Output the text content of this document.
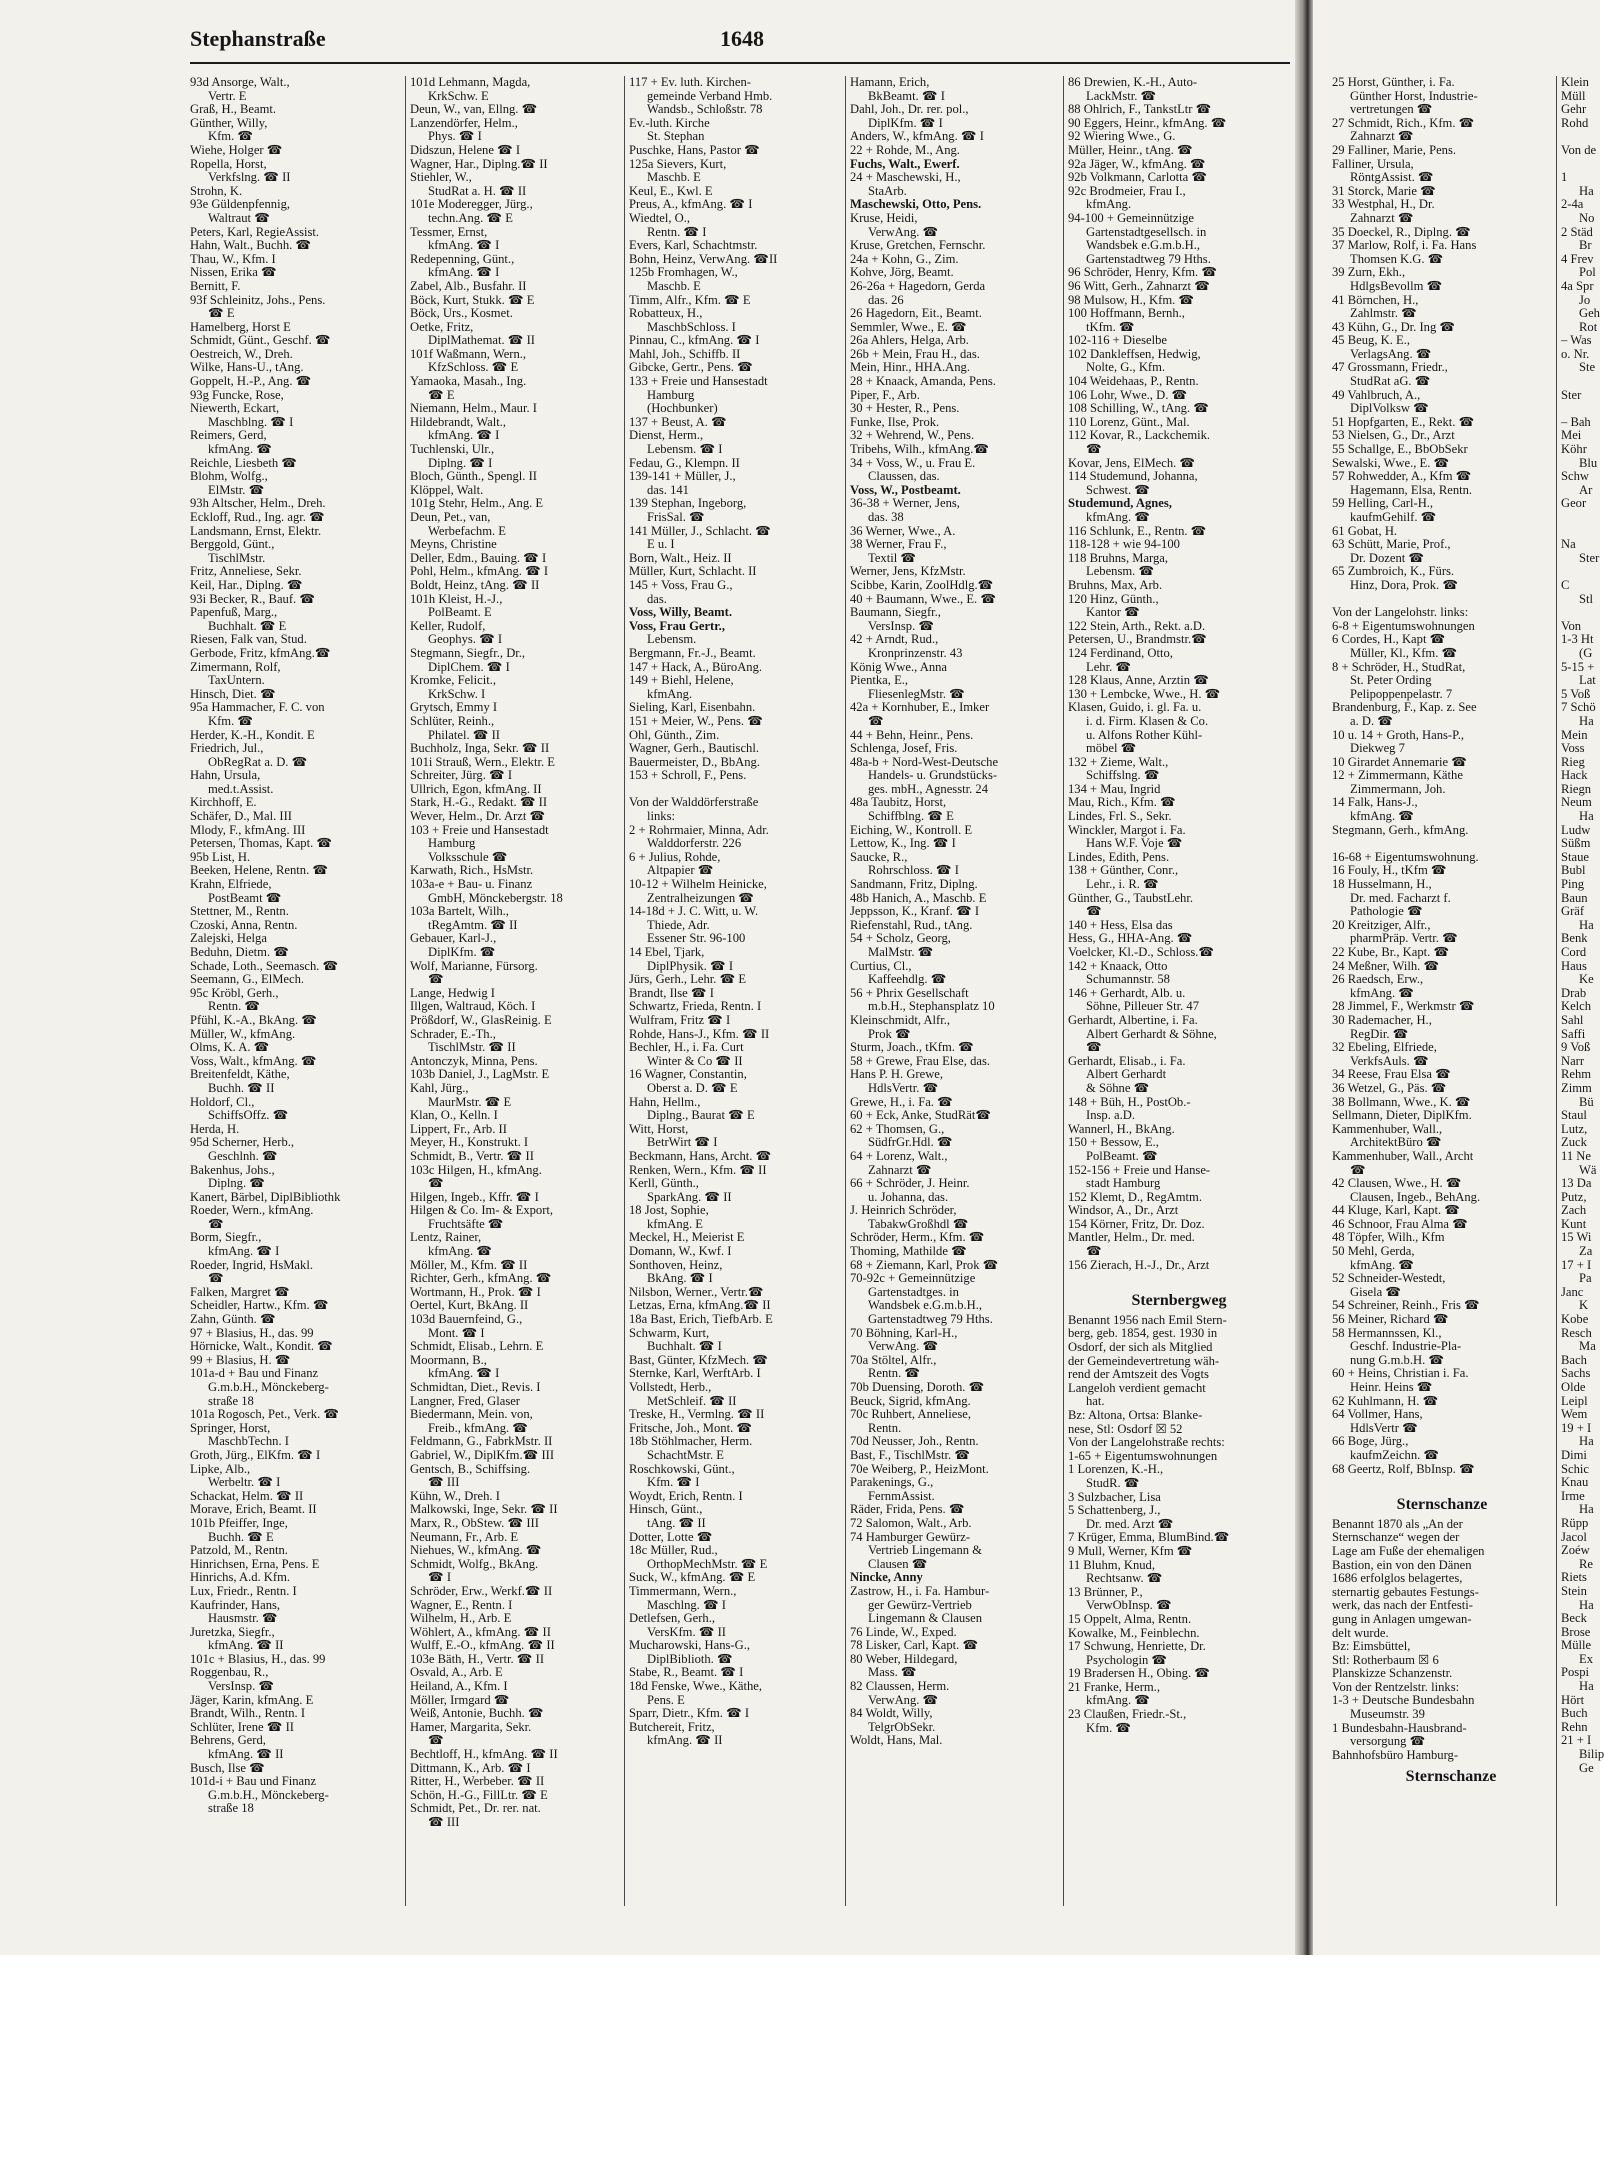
Stephanstraße	1648
93d Ansorge, Walt.,
Vertr. E
Graß, H., Beamt.
Günther, Willy,
Kfm. ☎
Wiehe, Holger ☎
Ropella, Horst,
Verkfslng. ☎ II
Strohn, K.
93e Güldenpfennig,
Waltraut ☎
Peters, Karl, RegieAssist.
Hahn, Walt., Buchh. ☎
Thau, W., Kfm. I
Nissen, Erika ☎
Bernitt, F.
93f Schleinitz, Johs., Pens.
☎ E
Hamelberg, Horst E
Schmidt, Günt., Geschf. ☎
Oestreich, W., Dreh.
Wilke, Hans-U., tAng.
Goppelt, H.-P., Ang. ☎
93g Funcke, Rose,
Niewerth, Eckart,
Maschblng. ☎ I
Reimers, Gerd,
kfmAng. ☎
Reichle, Liesbeth ☎
Blohm, Wolfg.,
ElMstr. ☎
93h Altscher, Helm., Dreh.
Eckloff, Rud., Ing. agr. ☎
Landsmann, Ernst, Elektr.
Berggold, Günt.,
TischlMstr.
Fritz, Anneliese, Sekr.
Keil, Har., Diplng. ☎
93i Becker, R., Bauf. ☎
Papenfuß, Marg.,
Buchhalt. ☎ E
Riesen, Falk van, Stud.
Gerbode, Fritz, kfmAng.☎
Zimermann, Rolf,
TaxUntern.
Hinsch, Diet. ☎
95a Hammacher, F. C. von
Kfm. ☎
Herder, K.-H., Kondit. E
Friedrich, Jul.,
ObRegRat a. D. ☎
Hahn, Ursula,
med.t.Assist.
Kirchhoff, E.
Schäfer, D., Mal. III
Mlody, F., kfmAng. III
Petersen, Thomas, Kapt. ☎
95b List, H.
Beeken, Helene, Rentn. ☎
Krahn, Elfriede,
PostBeamt ☎
Stettner, M., Rentn.
Czoski, Anna, Rentn.
Zalejski, Helga
Beduhn, Dietm. ☎
Schade, Loth., Seemasch. ☎
Seemann, G., ElMech.
95c Kröbl, Gerh.,
Rentn. ☎
Pfühl, K.-A., BkAng. ☎
Müller, W., kfmAng.
Olms, K. A. ☎
Voss, Walt., kfmAng. ☎
Breitenfeldt, Käthe,
Buchh. ☎ II
Holdorf, Cl.,
SchiffsOffz. ☎
Herda, H.
95d Scherner, Herb.,
Geschlnh. ☎
Bakenhus, Johs.,
Diplng. ☎
Kanert, Bärbel, DiplBibliothk
Roeder, Wern., kfmAng.
☎
Borm, Siegfr.,
kfmAng. ☎ I
Roeder, Ingrid, HsMakl.
☎
Falken, Margret ☎
Scheidler, Hartw., Kfm. ☎
Zahn, Günth. ☎
97 + Blasius, H., das. 99
Hörnicke, Walt., Kondit. ☎
99 + Blasius, H. ☎
101a-d + Bau und Finanz
G.m.b.H., Mönckeberg-
straße 18
101a Rogosch, Pet., Verk. ☎
Springer, Horst,
MaschbTechn. I
Groth, Jürg., ElKfm. ☎ I
Lipke, Alb.,
Werbeltr. ☎ I
Schackat, Helm. ☎ II
Morave, Erich, Beamt. II
101b Pfeiffer, Inge,
Buchh. ☎ E
Patzold, M., Rentn.
Hinrichsen, Erna, Pens. E
Hinrichs, A.d. Kfm.
Lux, Friedr., Rentn. I
Kaufrinder, Hans,
Hausmstr. ☎
Juretzka, Siegfr.,
kfmAng. ☎ II
101c + Blasius, H., das. 99
Roggenbau, R.,
VersInsp. ☎
Jäger, Karin, kfmAng. E
Brandt, Wilh., Rentn. I
Schlüter, Irene ☎ II
Behrens, Gerd,
kfmAng. ☎ II
Busch, Ilse ☎
101d-i + Bau und Finanz
G.m.b.H., Mönckeberg-
straße 18
101d Lehmann, Magda,
KrkSchw. E
Deun, W., van, Ellng. ☎
Lanzendörfer, Helm.,
Phys. ☎ I
Didszun, Helene ☎ I
Wagner, Har., Diplng.☎ II
Stiehler, W.,
StudRat a. H. ☎ II
101e Moderegger, Jürg.,
techn.Ang. ☎ E
Tessmer, Ernst,
kfmAng. ☎ I
Redepenning, Günt.,
kfmAng. ☎ I
Zabel, Alb., Busfahr. II
Böck, Kurt, Stukk. ☎ E
Böck, Urs., Kosmet.
Oetke, Fritz,
DiplMathemat. ☎ II
101f Waßmann, Wern.,
KfzSchloss. ☎ E
Yamaoka, Masah., Ing.
☎ E
Niemann, Helm., Maur. I
Hildebrandt, Walt.,
kfmAng. ☎ I
Tuchlenski, Ulr.,
Diplng. ☎ I
Bloch, Günth., Spengl. II
Klöppel, Walt.
101g Stehr, Helm., Ang. E
Deun, Pet., van,
Werbefachm. E
Meyns, Christine
Deller, Edm., Bauing. ☎ I
Pohl, Helm., kfmAng. ☎ I
Boldt, Heinz, tAng. ☎ II
101h Kleist, H.-J.,
PolBeamt. E
Keller, Rudolf,
Geophys. ☎ I
Stegmann, Siegfr., Dr.,
DiplChem. ☎ I
Kromke, Felicit.,
KrkSchw. I
Grytsch, Emmy I
Schlüter, Reinh.,
Philatel. ☎ II
Buchholz, Inga, Sekr. ☎ II
101i Strauß, Wern., Elektr. E
Schreiter, Jürg. ☎ I
Ullrich, Egon, kfmAng. II
Stark, H.-G., Redakt. ☎ II
Wever, Helm., Dr. Arzt ☎
103 + Freie und Hansestadt
Hamburg
Volksschule ☎
Karwath, Rich., HsMstr.
103a-e + Bau- u. Finanz
GmbH, Mönckebergstr. 18
103a Bartelt, Wilh.,
tRegAmtm. ☎ II
Gebauer, Karl-J.,
DiplKfm. ☎
Wolf, Marianne, Fürsorg.
☎
Lange, Hedwig I
Illgen, Waltraud, Köch. I
Prößdorf, W., GlasReinig. E
Schrader, E.-Th.,
TischlMstr. ☎ II
Antonczyk, Minna, Pens.
103b Daniel, J., LagMstr. E
Kahl, Jürg.,
MaurMstr. ☎ E
Klan, O., Kelln. I
Lippert, Fr., Arb. II
Meyer, H., Konstrukt. I
Schmidt, B., Vertr. ☎ II
103c Hilgen, H., kfmAng.
☎
Hilgen, Ingeb., Kffr. ☎ I
Hilgen & Co. Im- & Export,
Fruchtsäfte ☎
Lentz, Rainer,
kfmAng. ☎
Möller, M., Kfm. ☎ II
Richter, Gerh., kfmAng. ☎
Wortmann, H., Prok. ☎ I
Oertel, Kurt, BkAng. II
103d Bauernfeind, G.,
Mont. ☎ I
Schmidt, Elisab., Lehrn. E
Moormann, B.,
kfmAng. ☎ I
Schmidtan, Diet., Revis. I
Langner, Fred, Glaser
Biedermann, Mein. von,
Freib., kfmAng. ☎
Feldmann, G., FabrkMstr. II
Gabriel, W., DiplKfm.☎ III
Gentsch, B., Schiffsing.
☎ III
Kühn, W., Dreh. I
Malkowski, Inge, Sekr. ☎ II
Marx, R., ObStew. ☎ III
Neumann, Fr., Arb. E
Niehues, W., kfmAng. ☎
Schmidt, Wolfg., BkAng.
☎ I
Schröder, Erw., Werkf.☎ II
Wagner, E., Rentn. I
Wilhelm, H., Arb. E
Wöhlert, A., kfmAng. ☎ II
Wulff, E.-O., kfmAng. ☎ II
103e Bäth, H., Vertr. ☎ II
Osvald, A., Arb. E
Heiland, A., Kfm. I
Möller, Irmgard ☎
Weiß, Antonie, Buchh. ☎
Hamer, Margarita, Sekr.
☎
Bechtloff, H., kfmAng. ☎ II
Dittmann, K., Arb. ☎ I
Ritter, H., Werbeber. ☎ II
Schön, H.-G., FillLtr. ☎ E
Schmidt, Pet., Dr. rer. nat.
☎ III
117 + Ev. luth. Kirchen-
gemeinde Verband Hmb.
Wandsb., Schloßstr. 78
Ev.-luth. Kirche
St. Stephan
Puschke, Hans, Pastor ☎
125a Sievers, Kurt,
Maschb. E
Keul, E., Kwl. E
Preus, A., kfmAng. ☎ I
Wiedtel, O.,
Rentn. ☎ I
Evers, Karl, Schachtmstr.
Bohn, Heinz, VerwAng. ☎II
125b Fromhagen, W.,
Maschb. E
Timm, Alfr., Kfm. ☎ E
Robatteux, H.,
MaschbSchloss. I
Pinnau, C., kfmAng. ☎ I
Mahl, Joh., Schiffb. II
Gibcke, Gertr., Pens. ☎
133 + Freie und Hansestadt
Hamburg
(Hochbunker)
137 + Beust, A. ☎
Dienst, Herm.,
Lebensm. ☎ I
Fedau, G., Klempn. II
139-141 + Müller, J.,
das. 141
139 Stephan, Ingeborg,
FrisSal. ☎
141 Müller, J., Schlacht. ☎
E u. I
Born, Walt., Heiz. II
Müller, Kurt, Schlacht. II
145 + Voss, Frau G.,
das.
Voss, Willy, Beamt.
Voss, Frau Gertr.,
Lebensm.
Bergmann, Fr.-J., Beamt.
147 + Hack, A., BüroAng.
149 + Biehl, Helene,
kfmAng.
Sieling, Karl, Eisenbahn.
151 + Meier, W., Pens. ☎
Ohl, Günth., Zim.
Wagner, Gerh., Bautischl.
Bauermeister, D., BbAng.
153 + Schroll, F., Pens.

Von der Walddörferstraße
links:
2 + Rohrmaier, Minna, Adr.
Walddorferstr. 226
6 + Julius, Rohde,
Altpapier ☎
10-12 + Wilhelm Heinicke,
Zentralheizungen ☎
14-18d + J. C. Witt, u. W.
Thiede, Adr.
Essener Str. 96-100
14 Ebel, Tjark,
DiplPhysik. ☎ I
Jürs, Gerh., Lehr. ☎ E
Brandt, Ilse ☎ I
Schwartz, Frieda, Rentn. I
Wulfram, Fritz ☎ I
Rohde, Hans-J., Kfm. ☎ II
Bechler, H., i. Fa. Curt
Winter & Co ☎ II
16 Wagner, Constantin,
Oberst a. D. ☎ E
Hahn, Hellm.,
Diplng., Baurat ☎ E
Witt, Horst,
BetrWirt ☎ I
Beckmann, Hans, Archt. ☎
Renken, Wern., Kfm. ☎ II
Kerll, Günth.,
SparkAng. ☎ II
18 Jost, Sophie,
kfmAng. E
Meckel, H., Meierist E
Domann, W., Kwf. I
Sonthoven, Heinz,
BkAng. ☎ I
Nilsbon, Werner., Vertr.☎
Letzas, Erna, kfmAng.☎ II
18a Bast, Erich, TiefbArb. E
Schwarm, Kurt,
Buchhalt. ☎ I
Bast, Günter, KfzMech. ☎
Sternke, Karl, WerftArb. I
Vollstedt, Herb.,
MetSchleif. ☎ II
Treske, H., Vermlng. ☎ II
Fritsche, Joh., Mont. ☎
18b Stöhlmacher, Herm.
SchachtMstr. E
Roschkowski, Günt.,
Kfm. ☎ I
Woydt, Erich, Rentn. I
Hinsch, Günt.,
tAng. ☎ II
Dotter, Lotte ☎
18c Müller, Rud.,
OrthopMechMstr. ☎ E
Suck, W., kfmAng. ☎ E
Timmermann, Wern.,
Maschlng. ☎ I
Detlefsen, Gerh.,
VersKfm. ☎ II
Mucharowski, Hans-G.,
DiplBiblioth. ☎
Stabe, R., Beamt. ☎ I
18d Fenske, Wwe., Käthe,
Pens. E
Sparr, Dietr., Kfm. ☎ I
Butchereit, Fritz,
kfmAng. ☎ II
Hamann, Erich,
BkBeamt. ☎ I
Dahl, Joh., Dr. rer. pol.,
DiplKfm. ☎ I
Anders, W., kfmAng. ☎ I
22 + Rohde, M., Ang.
Fuchs, Walt., Ewerf.
24 + Maschewski, H.,
StaArb.
Maschewski, Otto, Pens.
Kruse, Heidi,
VerwAng. ☎
Kruse, Gretchen, Fernschr.
24a + Kohn, G., Zim.
Kohve, Jörg, Beamt.
26-26a + Hagedorn, Gerda
das. 26
26 Hagedorn, Eit., Beamt.
Semmler, Wwe., E. ☎
26a Ahlers, Helga, Arb.
26b + Mein, Frau H., das.
Mein, Hinr., HHA.Ang.
28 + Knaack, Amanda, Pens.
Piper, F., Arb.
30 + Hester, R., Pens.
Funke, Ilse, Prok.
32 + Wehrend, W., Pens.
Tribehs, Wilh., kfmAng.☎
34 + Voss, W., u. Frau E.
Claussen, das.
Voss, W., Postbeamt.
36-38 + Werner, Jens,
das. 38
36 Werner, Wwe., A.
38 Werner, Frau F.,
Textil ☎
Werner, Jens, KfzMstr.
Scibbe, Karin, ZoolHdlg.☎
40 + Baumann, Wwe., E. ☎
Baumann, Siegfr.,
VersInsp. ☎
42 + Arndt, Rud.,
Kronprinzenstr. 43
König Wwe., Anna
Pientka, E.,
FliesenlegMstr. ☎
42a + Kornhuber, E., Imker
☎
44 + Behn, Heinr., Pens.
Schlenga, Josef, Fris.
48a-b + Nord-West-Deutsche
Handels- u. Grundstücks-
ges. mbH., Agnesstr. 24
48a Taubitz, Horst,
Schiffblng. ☎ E
Eiching, W., Kontroll. E
Lettow, K., Ing. ☎ I
Saucke, R.,
Rohrschloss. ☎ I
Sandmann, Fritz, Diplng.
48b Hanich, A., Maschb. E
Jeppsson, K., Kranf. ☎ I
Riefenstahl, Rud., tAng.
54 + Scholz, Georg,
MalMstr. ☎
Curtius, Cl.,
Kaffeehdlg. ☎
56 + Phrix Gesellschaft
m.b.H., Stephansplatz 10
Kleinschmidt, Alfr.,
Prok ☎
Sturm, Joach., tKfm. ☎
58 + Grewe, Frau Else, das.
Hans P. H. Grewe,
HdlsVertr. ☎
Grewe, H., i. Fa. ☎
60 + Eck, Anke, StudRät☎
62 + Thomsen, G.,
SüdfrGr.Hdl. ☎
64 + Lorenz, Walt.,
Zahnarzt ☎
66 + Schröder, J. Heinr.
u. Johanna, das.
J. Heinrich Schröder,
TabakwGroßhdl ☎
Schröder, Herm., Kfm. ☎
Thoming, Mathilde ☎
68 + Ziemann, Karl, Prok ☎
70-92c + Gemeinnützige
Gartenstadtges. in
Wandsbek e.G.m.b.H.,
Gartenstadtweg 79 Hths.
70 Böhning, Karl-H.,
VerwAng. ☎
70a Stöltel, Alfr.,
Rentn. ☎
70b Duensing, Doroth. ☎
Beuck, Sigrid, kfmAng.
70c Ruhbert, Anneliese,
Rentn.
70d Neusser, Joh., Rentn.
Bast, F., TischlMstr. ☎
70e Weiberg, P., HeizMont.
Parakenings, G.,
FernmAssist.
Räder, Frida, Pens. ☎
72 Salomon, Walt., Arb.
74 Hamburger Gewürz-
Vertrieb Lingemann &
Clausen ☎
Nincke, Anny
Zastrow, H., i. Fa. Hambur-
ger Gewürz-Vertrieb
Lingemann & Clausen
76 Linde, W., Exped.
78 Lisker, Carl, Kapt. ☎
80 Weber, Hildegard,
Mass. ☎
82 Claussen, Herm.
VerwAng. ☎
84 Woldt, Willy,
TelgrObSekr.
Woldt, Hans, Mal.
86 Drewien, K.-H., Auto-
LackMstr. ☎
88 Ohlrich, F., TankstLtr ☎
90 Eggers, Heinr., kfmAng. ☎
92 Wiering Wwe., G.
Müller, Heinr., tAng. ☎
92a Jäger, W., kfmAng. ☎
92b Volkmann, Carlotta ☎
92c Brodmeier, Frau I.,
kfmAng.
94-100 + Gemeinnützige
Gartenstadtgesellsch. in
Wandsbek e.G.m.b.H.,
Gartenstadtweg 79 Hths.
96 Schröder, Henry, Kfm. ☎
96 Witt, Gerh., Zahnarzt ☎
98 Mulsow, H., Kfm. ☎
100 Hoffmann, Bernh.,
tKfm. ☎
102-116 + Dieselbe
102 Dankleffsen, Hedwig,
Nolte, G., Kfm.
104 Weidehaas, P., Rentn.
106 Lohr, Wwe., D. ☎
108 Schilling, W., tAng. ☎
110 Lorenz, Günt., Mal.
112 Kovar, R., Lackchemik.
☎
Kovar, Jens, ElMech. ☎
114 Studemund, Johanna,
Schwest. ☎
Studemund, Agnes,
kfmAng. ☎
116 Schlunk, E., Rentn. ☎
118-128 + wie 94-100
118 Bruhns, Marga,
Lebensm. ☎
Bruhns, Max, Arb.
120 Hinz, Günth.,
Kantor ☎
122 Stein, Arth., Rekt. a.D.
Petersen, U., Brandmstr.☎
124 Ferdinand, Otto,
Lehr. ☎
128 Klaus, Anne, Arztin ☎
130 + Lembcke, Wwe., H. ☎
Klasen, Guido, i. gl. Fa. u.
i. d. Firm. Klasen & Co.
u. Alfons Rother Kühl-
möbel ☎
132 + Zieme, Walt.,
Schiffslng. ☎
134 + Mau, Ingrid
Mau, Rich., Kfm. ☎
Lindes, Frl. S., Sekr.
Winckler, Margot i. Fa.
Hans W.F. Voje ☎
Lindes, Edith, Pens.
138 + Günther, Conr.,
Lehr., i. R. ☎
Günther, G., TaubstLehr.
☎
140 + Hess, Elsa das
Hess, G., HHA-Ang. ☎
Voelcker, Kl.-D., Schloss.☎
142 + Knaack, Otto
Schumannstr. 58
146 + Gerhardt, Alb. u.
Söhne, Pilleuer Str. 47
Gerhardt, Albertine, i. Fa.
Albert Gerhardt & Söhne,
☎
Gerhardt, Elisab., i. Fa.
Albert Gerhardt
& Söhne ☎
148 + Büh, H., PostOb.-
Insp. a.D.
Wannerl, H., BkAng.
150 + Bessow, E.,
PolBeamt. ☎
152-156 + Freie und Hanse-
stadt Hamburg
152 Klemt, D., RegAmtm.
Windsor, A., Dr., Arzt
154 Körner, Fritz, Dr. Doz.
Mantler, Helm., Dr. med.
☎
156 Zierach, H.-J., Dr., Arzt

Sternbergweg
Benannt 1956 nach Emil Stern-
berg, geb. 1854, gest. 1930 in
Osdorf, der sich als Mitglied
der Gemeindevertretung wäh-
rend der Amtszeit des Vogts
Langeloh verdient gemacht
hat.
Bz: Altona, Ortsa: Blanke-
nese, Stl: Osdorf ☒ 52
Von der Langelohstraße rechts:
1-65 + Eigentumswohnungen
1 Lorenzen, K.-H.,
StudR. ☎
3 Sulzbacher, Lisa
5 Schattenberg, J.,
Dr. med. Arzt ☎
7 Krüger, Emma, BlumBind.☎
9 Mull, Werner, Kfm ☎
11 Bluhm, Knud,
Rechtsanw. ☎
13 Brünner, P.,
VerwObInsp. ☎
15 Oppelt, Alma, Rentn.
Kowalke, M., Feinblechn.
17 Schwung, Henriette, Dr.
Psychologin ☎
19 Bradersen H., Obing. ☎
21 Franke, Herm.,
kfmAng. ☎
23 Claußen, Friedr.-St.,
Kfm. ☎
25 Horst, Günther, i. Fa.
Günther Horst, Industrie-
vertretungen ☎
27 Schmidt, Rich., Kfm. ☎
Zahnarzt ☎
29 Falliner, Marie, Pens.
Falliner, Ursula,
RöntgAssist. ☎
31 Storck, Marie ☎
33 Westphal, H., Dr.
Zahnarzt ☎
35 Doeckel, R., Diplng. ☎
37 Marlow, Rolf, i. Fa. Hans
Thomsen K.G. ☎
39 Zurn, Ekh.,
HdlgsBevollm ☎
41 Börnchen, H.,
Zahlmstr. ☎
43 Kühn, G., Dr. Ing ☎
45 Beug, K. E.,
VerlagsAng. ☎
47 Grossmann, Friedr.,
StudRat aG. ☎
49 Vahlbruch, A.,
DiplVolksw ☎
51 Hopfgarten, E., Rekt. ☎
53 Nielsen, G., Dr., Arzt
55 Schallge, E., BbObSekr
Sewalski, Wwe., E. ☎
57 Rohwedder, A., Kfm ☎
Hagemann, Elsa, Rentn.
59 Helling, Carl-H.,
kaufmGehilf. ☎
61 Gobat, H.
63 Schütt, Marie, Prof.,
Dr. Dozent ☎
65 Zumbroich, K., Fürs.
Hinz, Dora, Prok. ☎

Von der Langelohstr. links:
6-8 + Eigentumswohnungen
6 Cordes, H., Kapt ☎
Müller, Kl., Kfm. ☎
8 + Schröder, H., StudRat,
St. Peter Ording
Pelipoppenpelastr. 7
Brandenburg, F., Kap. z. See
a. D. ☎
10 u. 14 + Groth, Hans-P.,
Diekweg 7
10 Girardet Annemarie ☎
12 + Zimmermann, Käthe
Zimmermann, Joh.
14 Falk, Hans-J.,
kfmAng. ☎
Stegmann, Gerh., kfmAng.

16-68 + Eigentumswohnung.
16 Fouly, H., tKfm ☎
18 Husselmann, H.,
Dr. med. Facharzt f.
Pathologie ☎
20 Kreitziger, Alfr.,
pharmPräp. Vertr. ☎
22 Kube, Br., Kapt. ☎
24 Meßner, Wilh. ☎
26 Raedsch, Erw.,
kfmAng. ☎
28 Jimmel, F., Werkmstr ☎
30 Rademacher, H.,
RegDir. ☎
32 Ebeling, Elfriede,
VerkfsAuls. ☎
34 Reese, Frau Elsa ☎
36 Wetzel, G., Päs. ☎
38 Bollmann, Wwe., K. ☎
Sellmann, Dieter, DiplKfm.
Kammenhuber, Wall.,
ArchitektBüro ☎
Kammenhuber, Wall., Archt
☎
42 Clausen, Wwe., H. ☎
Clausen, Ingeb., BehAng.
44 Kluge, Karl, Kapt. ☎
46 Schnoor, Frau Alma ☎
48 Töpfer, Wilh., Kfm
50 Mehl, Gerda,
kfmAng. ☎
52 Schneider-Westedt,
Gisela ☎
54 Schreiner, Reinh., Fris ☎
56 Meiner, Richard ☎
58 Hermannssen, Kl.,
Geschf. Industrie-Pla-
nung G.m.b.H. ☎
60 + Heins, Christian i. Fa.
Heinr. Heins ☎
62 Kuhlmann, H. ☎
64 Vollmer, Hans,
HdlsVertr ☎
66 Boge, Jürg.,
kaufmZeichn. ☎
68 Geertz, Rolf, BbInsp. ☎

Sternschanze
Benannt 1870 als „An der
Sternschanze“ wegen der
Lage am Fuße der ehemaligen
Bastion, ein von den Dänen
1686 erfolglos belagertes,
sternartig gebautes Festungs-
werk, das nach der Entfesti-
gung in Anlagen umgewan-
delt wurde.
Bz: Eimsbüttel,
Stl: Rotherbaum ☒ 6
Planskizze Schanzenstr.
Von der Rentzelstr. links:
1-3 + Deutsche Bundesbahn
Museumstr. 39
1 Bundesbahn-Hausbrand-
versorgung ☎
Bahnhofsbüro Hamburg-
Sternschanze
Klein
Müll
Gehr
Rohd

Von de

1
Ha
2-4a
No
2 Städ
Br
4 Frev
Pol
4a Spr
Jo
Geh
Rot
– Was
o. Nr.
Ste

Ster

– Bah
Mei
Köhr
Blu
Schw
Ar
Geor

Na
Ster

C
Stl

Von
1-3 Ht
(G
5-15 +
Lat
5 Voß
7 Schö
Ha
Mein
Voss
Rieg
Hack
Riegn
Neum
Ha
Ludw
Süßm
Staue
Bubl
Ping
Baun
Gräf
Ha
Benk
Cord
Haus
Ke
Drab
Kelch
Sahl
Saffi
9 Voß
Narr
Rehm
Zimm
Bü
Staul
Lutz,
Zuck
11 Ne
Wä
13 Da
Putz,
Zach
Kunt
15 Wi
Za
17 + I
Pa
Janc
K
Kobe
Resch
Ma
Bach
Sachs
Olde
Leipl
Wem
19 + I
Ha
Dimi
Schic
Knau
Irme
Ha
Rüpp
Jacol
Zoéw
Re
Riets
Stein
Ha
Beck
Brose
Mülle
Ex
Pospi
Ha
Hört
Buch
Rehn
21 + I
Bilip
Ge
